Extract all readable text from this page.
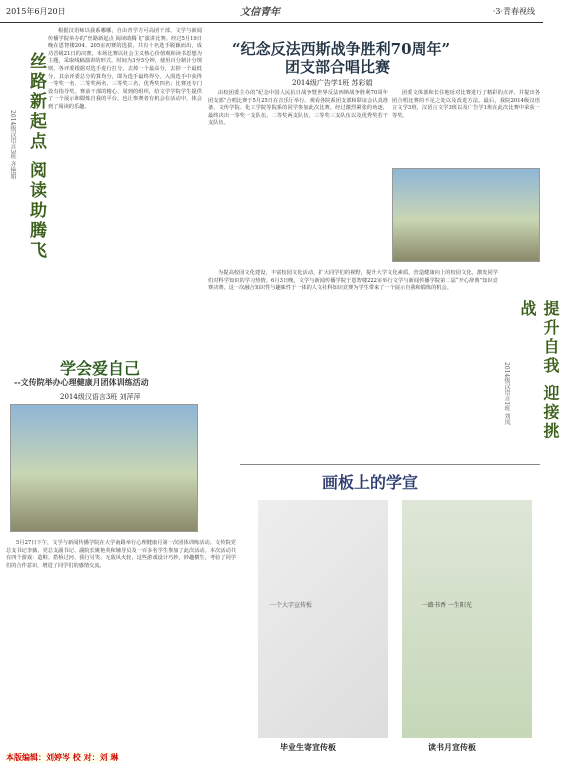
2015年6月20日	文信青年	·3·青春视线
丝路新起点 阅读助腾飞
2014级汉语言3班 齐艳娟

根据汉语师以我系哪哪，自由青学方可高团干部、文学与新闻传播学院举办的“丝路新起点 阅读助腾飞”演讲比赛。经过5月19日晚在恩智楼204、205室初赛的选拔，共有十名选手脱颖而出，成功晋级21日的决赛。本场比赛以社会主义核心价值观和读书思想为主题，采取线稿演讲的形式，时间为3至5分钟，使用百分制计分规则，各评委根据对选手进行打分，去掉一个最高分，去掉一个最低分，其余评委总分的算均分，即为选手最终得分。入围选手中获得一等奖一名、二等奖两名、三等奖三名，优秀奖四名；比赛还专门设有指导奖。赛前干部的精心、周到的组织，给文学学院学生提供了一个展示和锻炼自我的平台，也让参赛者有机会在活动中，体会到了阅读的乐趣。

“纪念反法西斯战争胜利70周年”
团支部合唱比赛
2014级广告学1班 苏彩娟

由校团委主办的“纪念中国人民抗日战争暨世界反法西斯战争胜利70周年团支部”合唱比赛于5月25日在音乐厅举行。观看各院系团支部和联谊会认真准备，文传学院、化工学院等院系的同学参加此次比赛。经过激烈紧张的角逐，最终决出一等奖一支队伍，二等奖两支队伍、三等奖三支队伍以及优秀奖若干支队伍。

团委文体部和长住地址对比赛进行了精彩的点评，并提出各团合唱比赛的不足之处以及改进方法。最后，我院2014级汉语言文学3班，汉语言文学3班以及广告学1班在此次比赛中荣获一等奖。

提升自我 迎接挑战
2014级汉语言1班 刘凤

为提高校园文化建设，丰富校园文化活动，扩大同学们的视野，提升大学文化素质，营造健康向上的校园文化，激发同学们对科学知识的学习热情。6月3日晚，文学与新闻传播学院于恩智楼222室举行文学与新闻传播学院第二届“开心辞典”知识竞赛决赛。这一次融合知识性与趣味性于一体的人文社科知识竞赛为学生带来了一个展示自我和锻炼的机会。

学会爱自己
--文传院举办心理健康月团体训练活动
2014级汉语言3班 刘萍萍

5月27日下午，文学与新闻传播学院在大学南路举行心理健康月第一次团体训练活动。文传院党总支书记李薇、党总支副书记、副院长姚艳英和辅导员及一百多名学生参加了此次活动。本次活动共有四个游戏：造鞋、搭桥过河、我行另笑、无敌风火轮，这些游戏设计巧妙，妙趣横生，考验了同学们的合作意识，增进了同学们的感情交流。

画板上的学宣
一个大字宣传板	一路书香 一生阳光
毕业生寄宣传板	读书月宣传板
本版编辑：刘婷岑 校 对：刘 琳
